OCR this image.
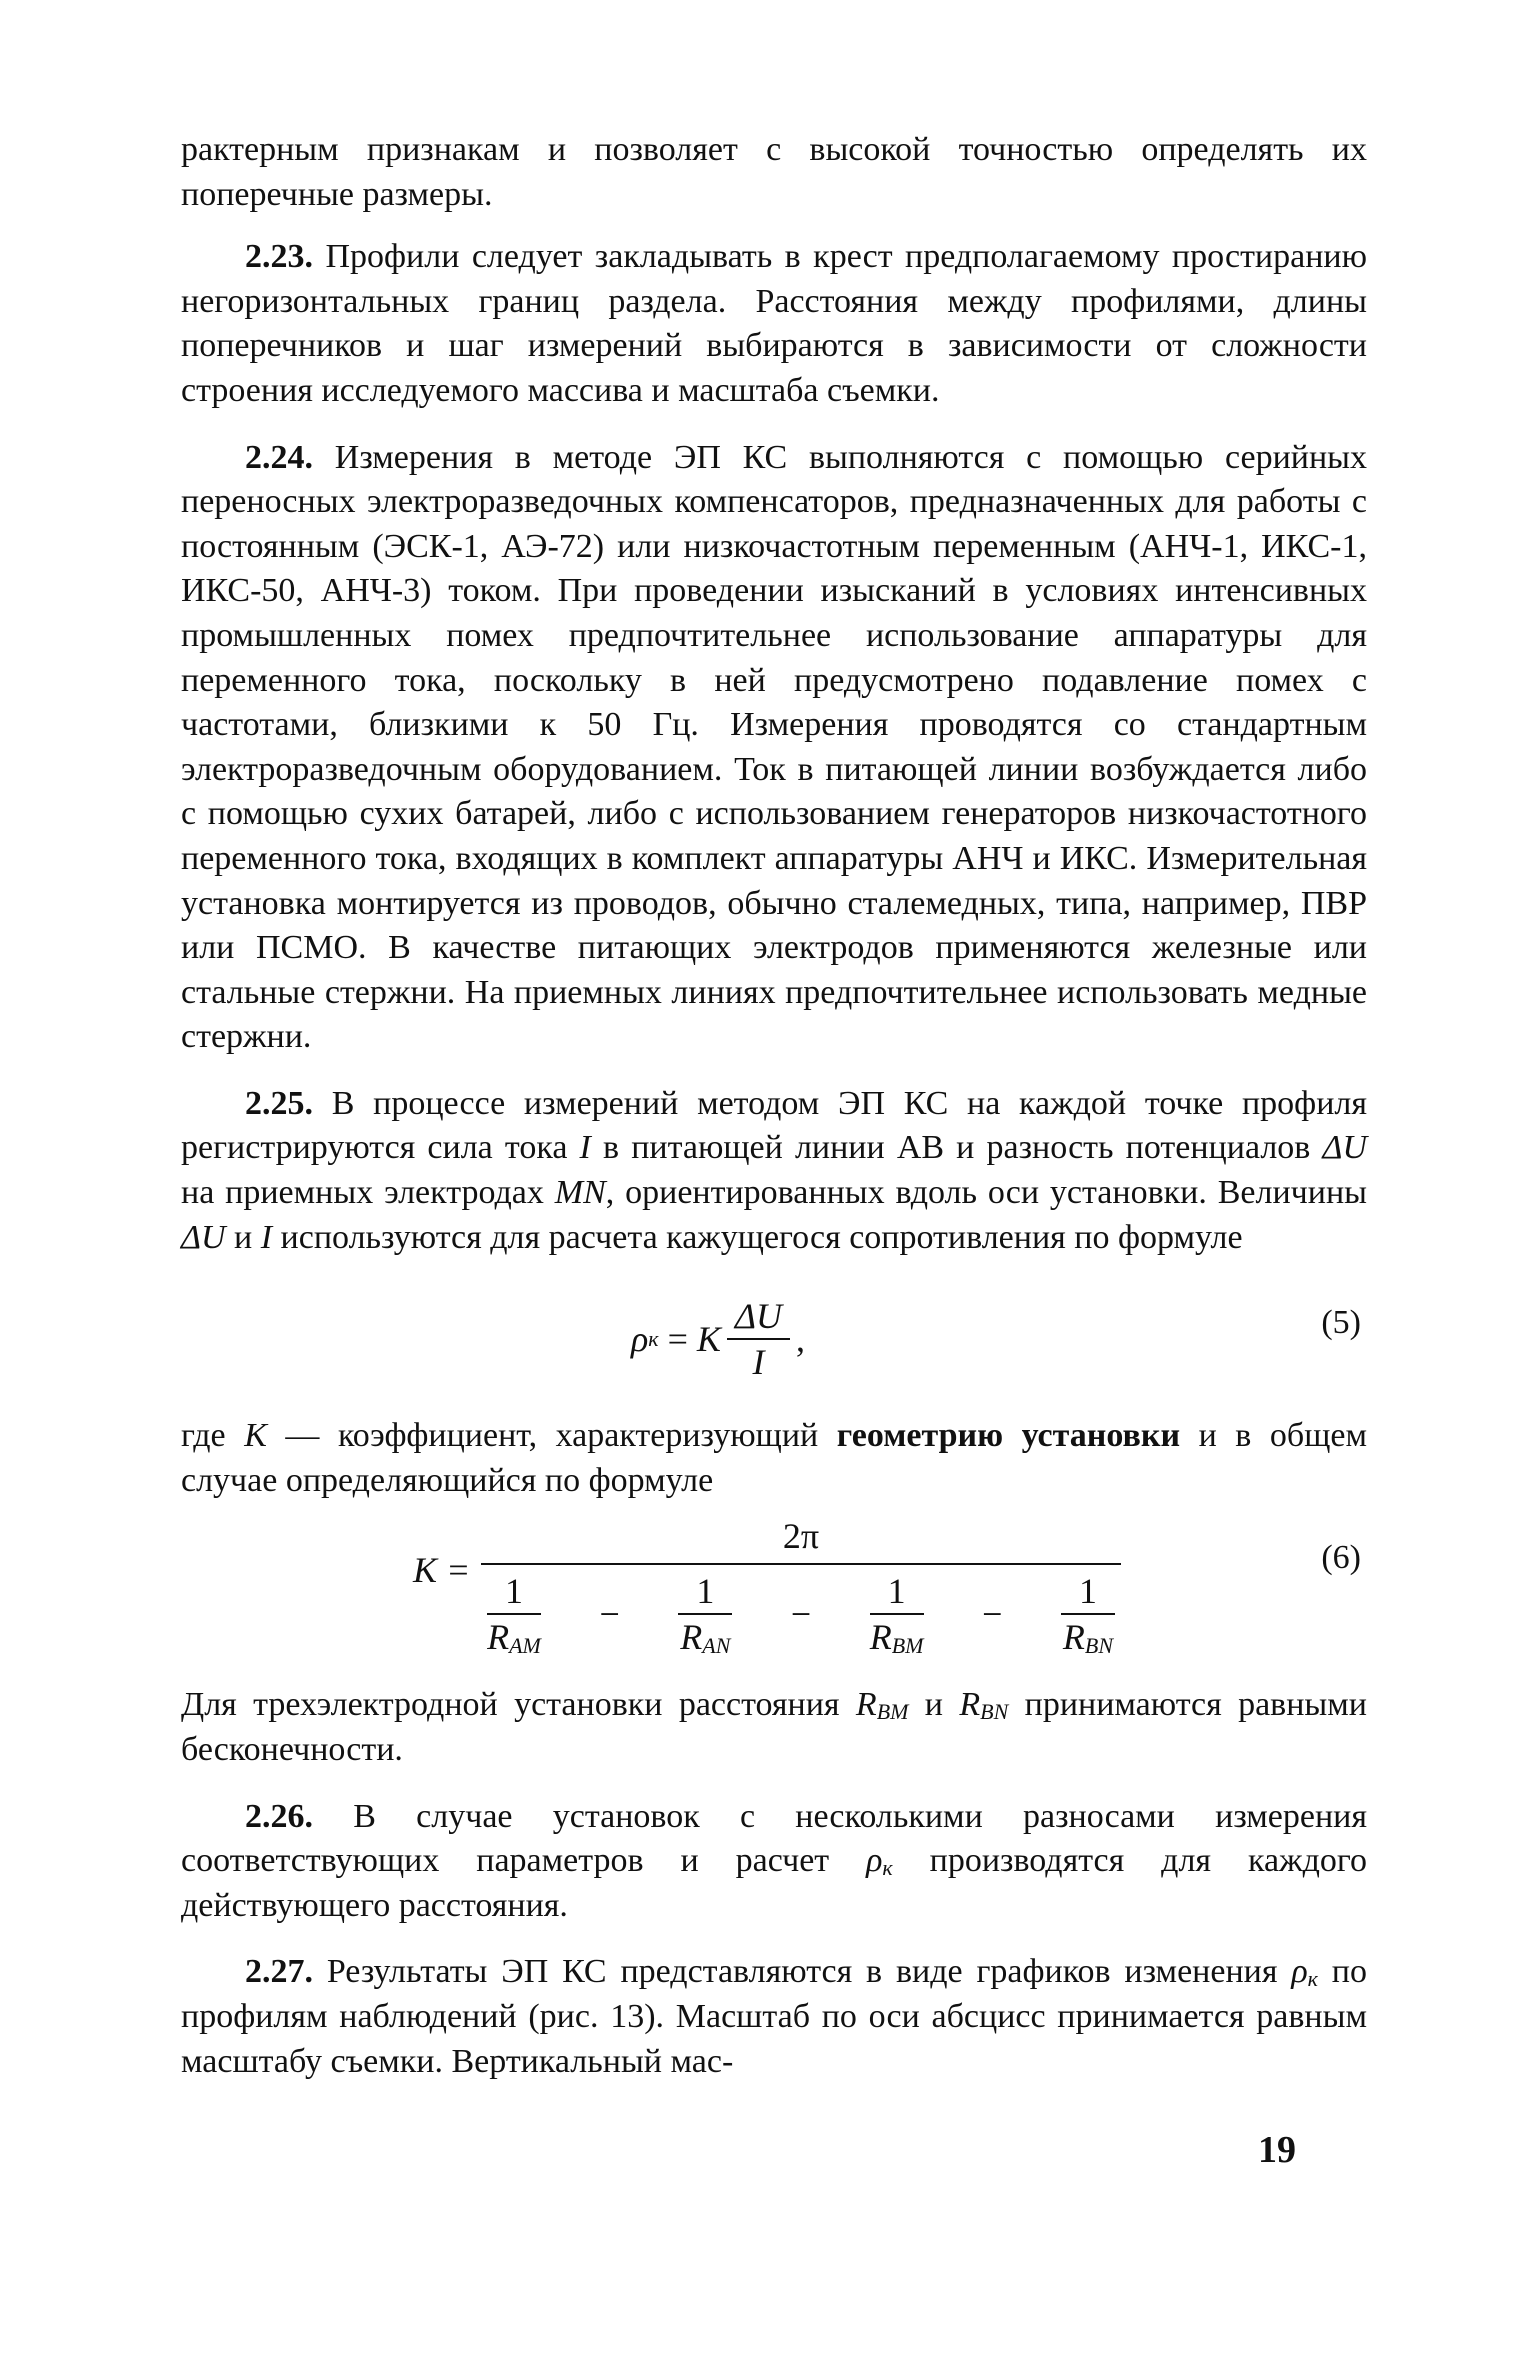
рактерным признакам и позволяет с высокой точностью определять их поперечные размеры.

2.23. Профили следует закладывать в крест предполагаемому простиранию негоризонтальных границ раздела. Расстояния между профилями, длины поперечников и шаг измерений выбираются в зависимости от сложности строения исследуемого массива и масштаба съемки.

2.24. Измерения в методе ЭП КС выполняются с помощью серийных переносных электроразведочных компенсаторов, предназначенных для работы с постоянным (ЭСК-1, АЭ-72) или низкочастотным переменным (АНЧ-1, ИКС-1, ИКС-50, АНЧ-3) током. При проведении изысканий в условиях интенсивных промышленных помех предпочтительнее использование аппаратуры для переменного тока, поскольку в ней предусмотрено подавление помех с частотами, близкими к 50 Гц. Измерения проводятся со стандартным электроразведочным оборудованием. Ток в питающей линии возбуждается либо с помощью сухих батарей, либо с использованием генераторов низкочастотного переменного тока, входящих в комплект аппаратуры АНЧ и ИКС. Измерительная установка монтируется из проводов, обычно сталемедных, типа, например, ПВР или ПСМО. В качестве питающих электродов применяются железные или стальные стержни. На приемных линиях предпочтительнее использовать медные стержни.

2.25. В процессе измерений методом ЭП КС на каждой точке профиля регистрируются сила тока I в питающей линии АВ и разность потенциалов ΔU на приемных электродах MN, ориентированных вдоль оси установки. Величины ΔU и I используются для расчета кажущегося сопротивления по формуле

ρ к = K $\frac{\Delta U}{I}$ ,	(5)

где K — коэффициент, характеризующий геометрию установки и в общем случае определяющийся по формуле

K =
2π
$\frac{1}{R_{AM}} - \frac{1}{R_{AN}} - \frac{1}{R_{BM}} - \frac{1}{R_{BN}}$
(6)

Для трехэлектродной установки расстояния $R_{BM}$ и $R_{BN}$ принимаются равными бесконечности.

2.26. В случае установок с несколькими разносами измерения соответствующих параметров и расчет $\rho_к$ производятся для каждого действующего расстояния.

2.27. Результаты ЭП КС представляются в виде графиков изменения $\rho_к$ по профилям наблюдений (рис. 13). Масштаб по оси абсцисс принимается равным масштабу съемки. Вертикальный мас-

19
